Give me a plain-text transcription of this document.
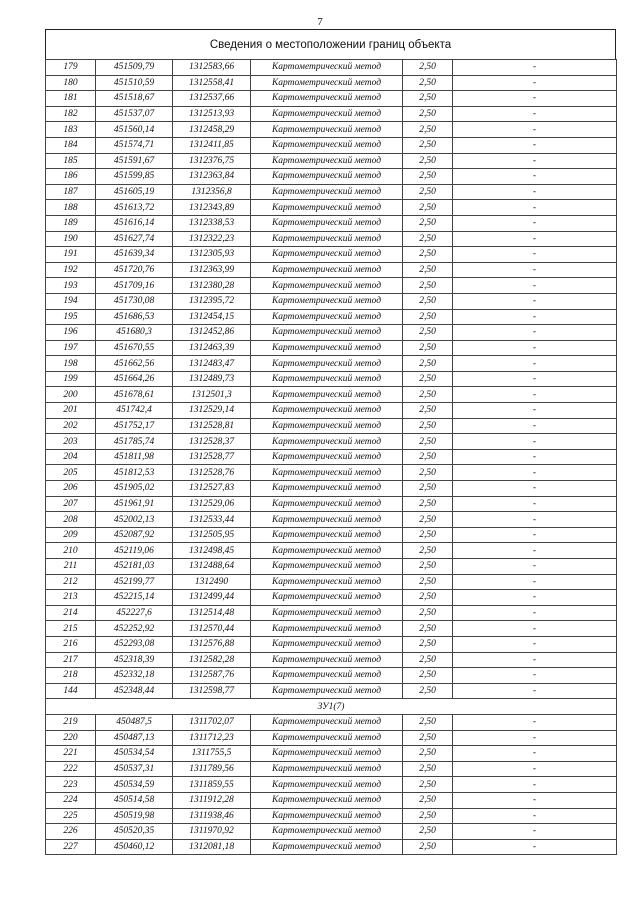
7
Сведения о местоположении границ объекта
179	451509,79	1312583,66	Картометрический метод	2,50	-
180	451510,59	1312558,41	Картометрический метод	2,50	-
181	451518,67	1312537,66	Картометрический метод	2,50	-
182	451537,07	1312513,93	Картометрический метод	2,50	-
183	451560,14	1312458,29	Картометрический метод	2,50	-
184	451574,71	1312411,85	Картометрический метод	2,50	-
185	451591,67	1312376,75	Картометрический метод	2,50	-
186	451599,85	1312363,84	Картометрический метод	2,50	-
187	451605,19	1312356,8	Картометрический метод	2,50	-
188	451613,72	1312343,89	Картометрический метод	2,50	-
189	451616,14	1312338,53	Картометрический метод	2,50	-
190	451627,74	1312322,23	Картометрический метод	2,50	-
191	451639,34	1312305,93	Картометрический метод	2,50	-
192	451720,76	1312363,99	Картометрический метод	2,50	-
193	451709,16	1312380,28	Картометрический метод	2,50	-
194	451730,08	1312395,72	Картометрический метод	2,50	-
195	451686,53	1312454,15	Картометрический метод	2,50	-
196	451680,3	1312452,86	Картометрический метод	2,50	-
197	451670,55	1312463,39	Картометрический метод	2,50	-
198	451662,56	1312483,47	Картометрический метод	2,50	-
199	451664,26	1312489,73	Картометрический метод	2,50	-
200	451678,61	1312501,3	Картометрический метод	2,50	-
201	451742,4	1312529,14	Картометрический метод	2,50	-
202	451752,17	1312528,81	Картометрический метод	2,50	-
203	451785,74	1312528,37	Картометрический метод	2,50	-
204	451811,98	1312528,77	Картометрический метод	2,50	-
205	451812,53	1312528,76	Картометрический метод	2,50	-
206	451905,02	1312527,83	Картометрический метод	2,50	-
207	451961,91	1312529,06	Картометрический метод	2,50	-
208	452002,13	1312533,44	Картометрический метод	2,50	-
209	452087,92	1312505,95	Картометрический метод	2,50	-
210	452119,06	1312498,45	Картометрический метод	2,50	-
211	452181,03	1312488,64	Картометрический метод	2,50	-
212	452199,77	1312490	Картометрический метод	2,50	-
213	452215,14	1312499,44	Картометрический метод	2,50	-
214	452227,6	1312514,48	Картометрический метод	2,50	-
215	452252,92	1312570,44	Картометрический метод	2,50	-
216	452293,08	1312576,88	Картометрический метод	2,50	-
217	452318,39	1312582,28	Картометрический метод	2,50	-
218	452332,18	1312587,76	Картометрический метод	2,50	-
144	452348,44	1312598,77	Картометрический метод	2,50	-
ЗУ1(7)					
219	450487,5	1311702,07	Картометрический метод	2,50	-
220	450487,13	1311712,23	Картометрический метод	2,50	-
221	450534,54	1311755,5	Картометрический метод	2,50	-
222	450537,31	1311789,56	Картометрический метод	2,50	-
223	450534,59	1311859,55	Картометрический метод	2,50	-
224	450514,58	1311912,28	Картометрический метод	2,50	-
225	450519,98	1311938,46	Картометрический метод	2,50	-
226	450520,35	1311970,92	Картометрический метод	2,50	-
227	450460,12	1312081,18	Картометрический метод	2,50	-
